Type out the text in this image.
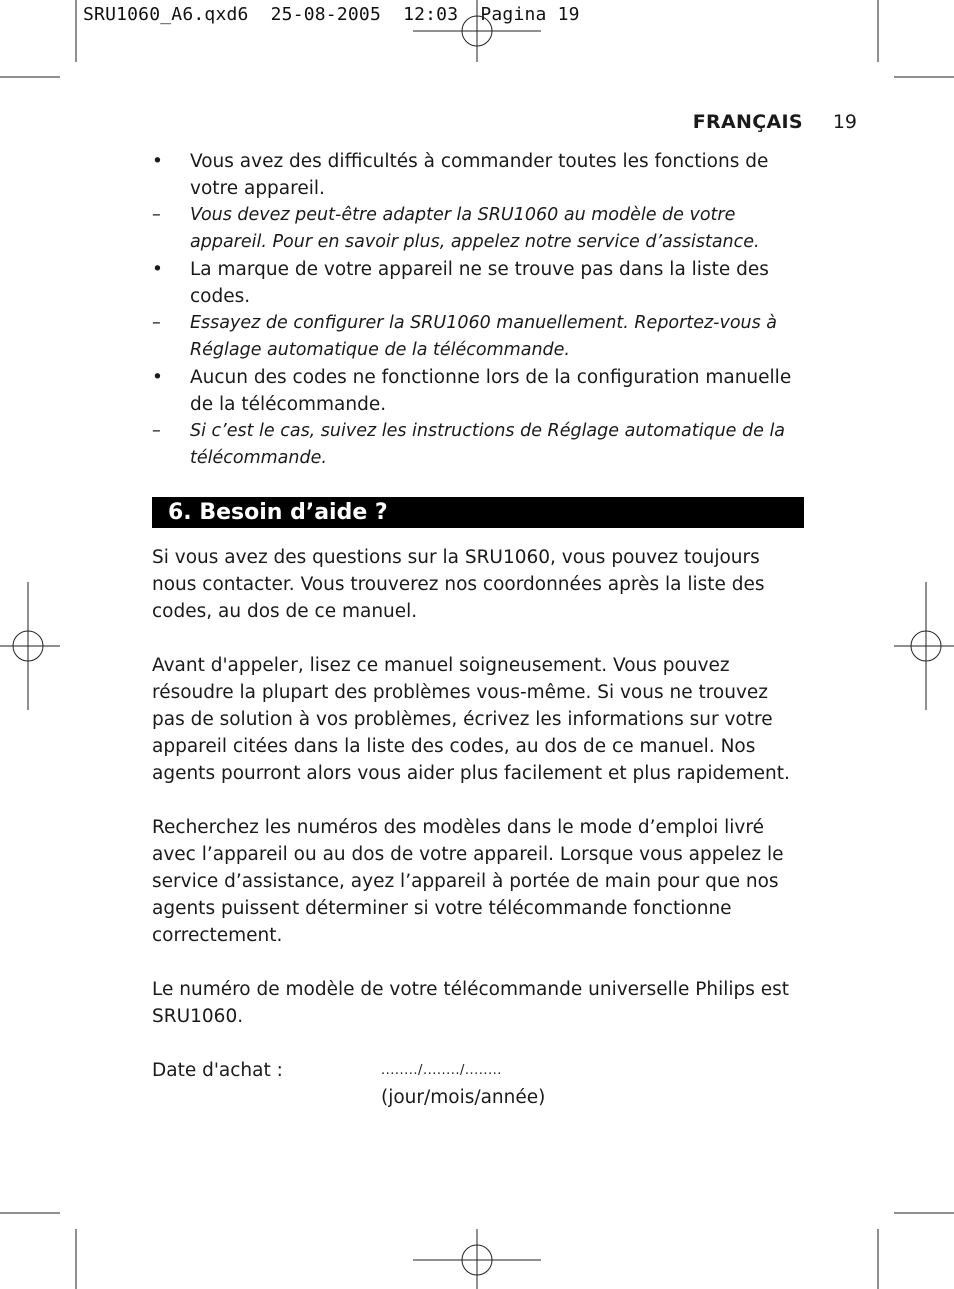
SRU1060_A6.qxd6  25-08-2005  12:03  Pagina 19
FRANÇAIS 19
• Vous avez des difficultés à commander toutes les fonctions de votre appareil.
– Vous devez peut-être adapter la SRU1060 au modèle de votre appareil. Pour en savoir plus, appelez notre service d’assistance.
• La marque de votre appareil ne se trouve pas dans la liste des codes.
– Essayez de configurer la SRU1060 manuellement. Reportez-vous à Réglage automatique de la télécommande.
• Aucun des codes ne fonctionne lors de la configuration manuelle de la télécommande.
– Si c’est le cas, suivez les instructions de Réglage automatique de la télécommande.
6. Besoin d’aide ?

Si vous avez des questions sur la SRU1060, vous pouvez toujours nous contacter. Vous trouverez nos coordonnées après la liste des codes, au dos de ce manuel.

Avant d'appeler, lisez ce manuel soigneusement. Vous pouvez résoudre la plupart des problèmes vous-même. Si vous ne trouvez pas de solution à vos problèmes, écrivez les informations sur votre appareil citées dans la liste des codes, au dos de ce manuel. Nos agents pourront alors vous aider plus facilement et plus rapidement.

Recherchez les numéros des modèles dans le mode d’emploi livré avec l’appareil ou au dos de votre appareil. Lorsque vous appelez le service d’assistance, ayez l’appareil à portée de main pour que nos agents puissent déterminer si votre télécommande fonctionne correctement.

Le numéro de modèle de votre télécommande universelle Philips est SRU1060.

Date d'achat :	......../......../........
(jour/mois/année)
